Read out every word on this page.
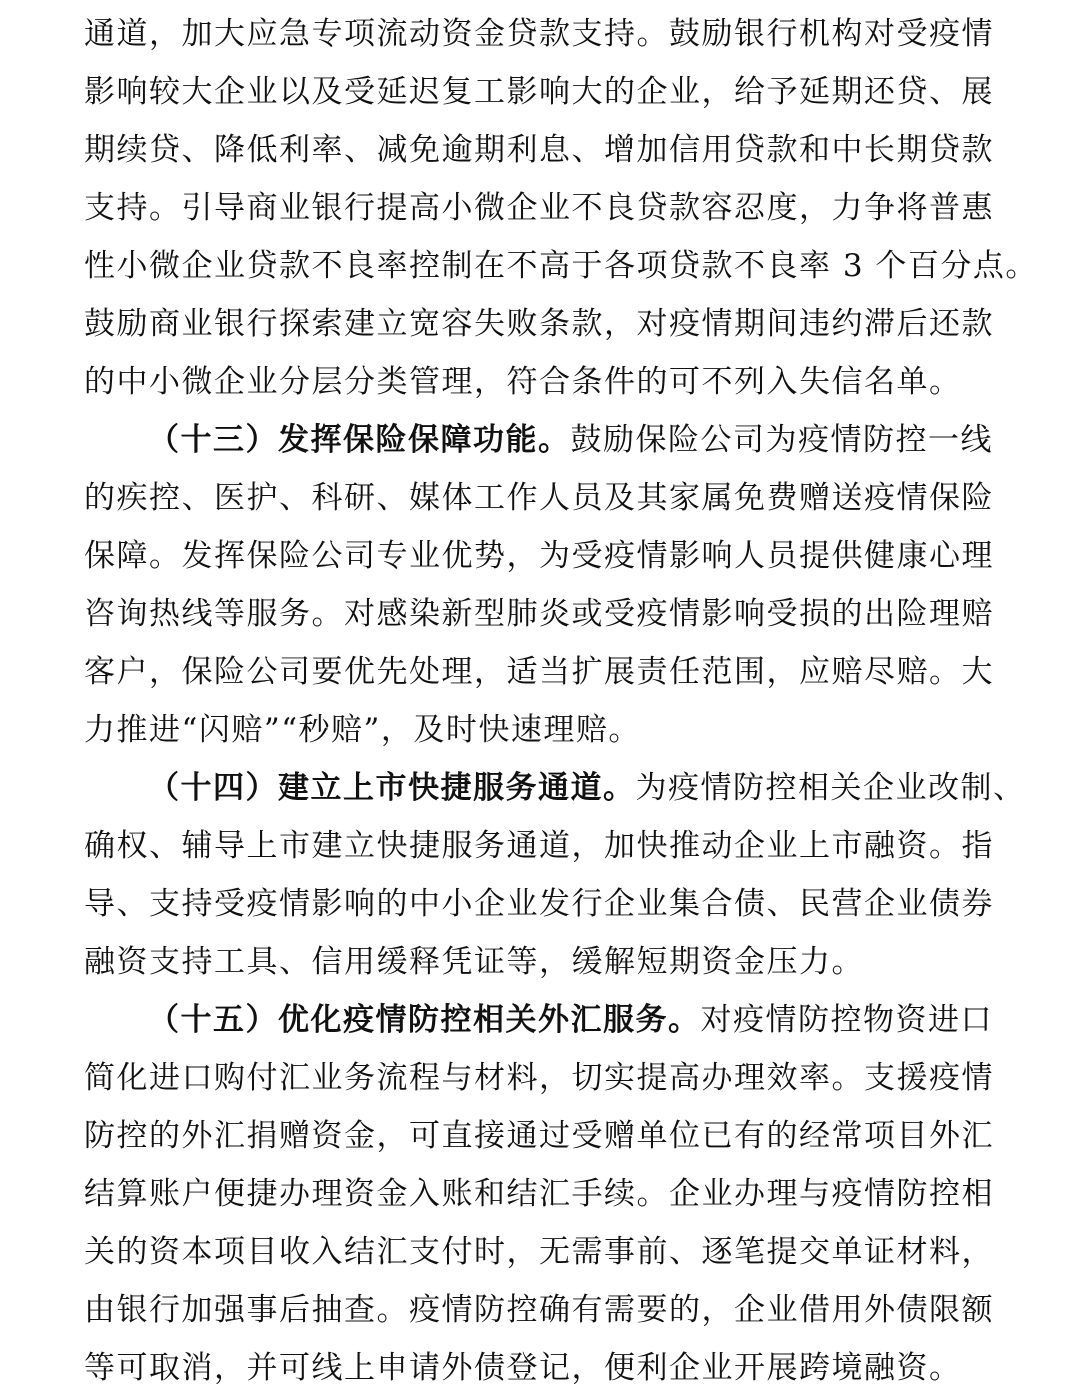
通道，加大应急专项流动资金贷款支持。鼓励银行机构对受疫情
影响较大企业以及受延迟复工影响大的企业，给予延期还贷、展
期续贷、降低利率、减免逾期利息、增加信用贷款和中长期贷款
支持。引导商业银行提高小微企业不良贷款容忍度，力争将普惠
性小微企业贷款不良率控制在不高于各项贷款不良率 3 个百分点。
鼓励商业银行探索建立宽容失败条款，对疫情期间违约滞后还款
的中小微企业分层分类管理，符合条件的可不列入失信名单。
（十三）发挥保险保障功能。鼓励保险公司为疫情防控一线
的疾控、医护、科研、媒体工作人员及其家属免费赠送疫情保险
保障。发挥保险公司专业优势，为受疫情影响人员提供健康心理
咨询热线等服务。对感染新型肺炎或受疫情影响受损的出险理赔
客户，保险公司要优先处理，适当扩展责任范围，应赔尽赔。大
力推进“闪赔”“秒赔”，及时快速理赔。
（十四）建立上市快捷服务通道。为疫情防控相关企业改制、
确权、辅导上市建立快捷服务通道，加快推动企业上市融资。指
导、支持受疫情影响的中小企业发行企业集合债、民营企业债券
融资支持工具、信用缓释凭证等，缓解短期资金压力。
（十五）优化疫情防控相关外汇服务。对疫情防控物资进口
简化进口购付汇业务流程与材料，切实提高办理效率。支援疫情
防控的外汇捐赠资金，可直接通过受赠单位已有的经常项目外汇
结算账户便捷办理资金入账和结汇手续。企业办理与疫情防控相
关的资本项目收入结汇支付时，无需事前、逐笔提交单证材料，
由银行加强事后抽查。疫情防控确有需要的，企业借用外债限额
等可取消，并可线上申请外债登记，便利企业开展跨境融资。
